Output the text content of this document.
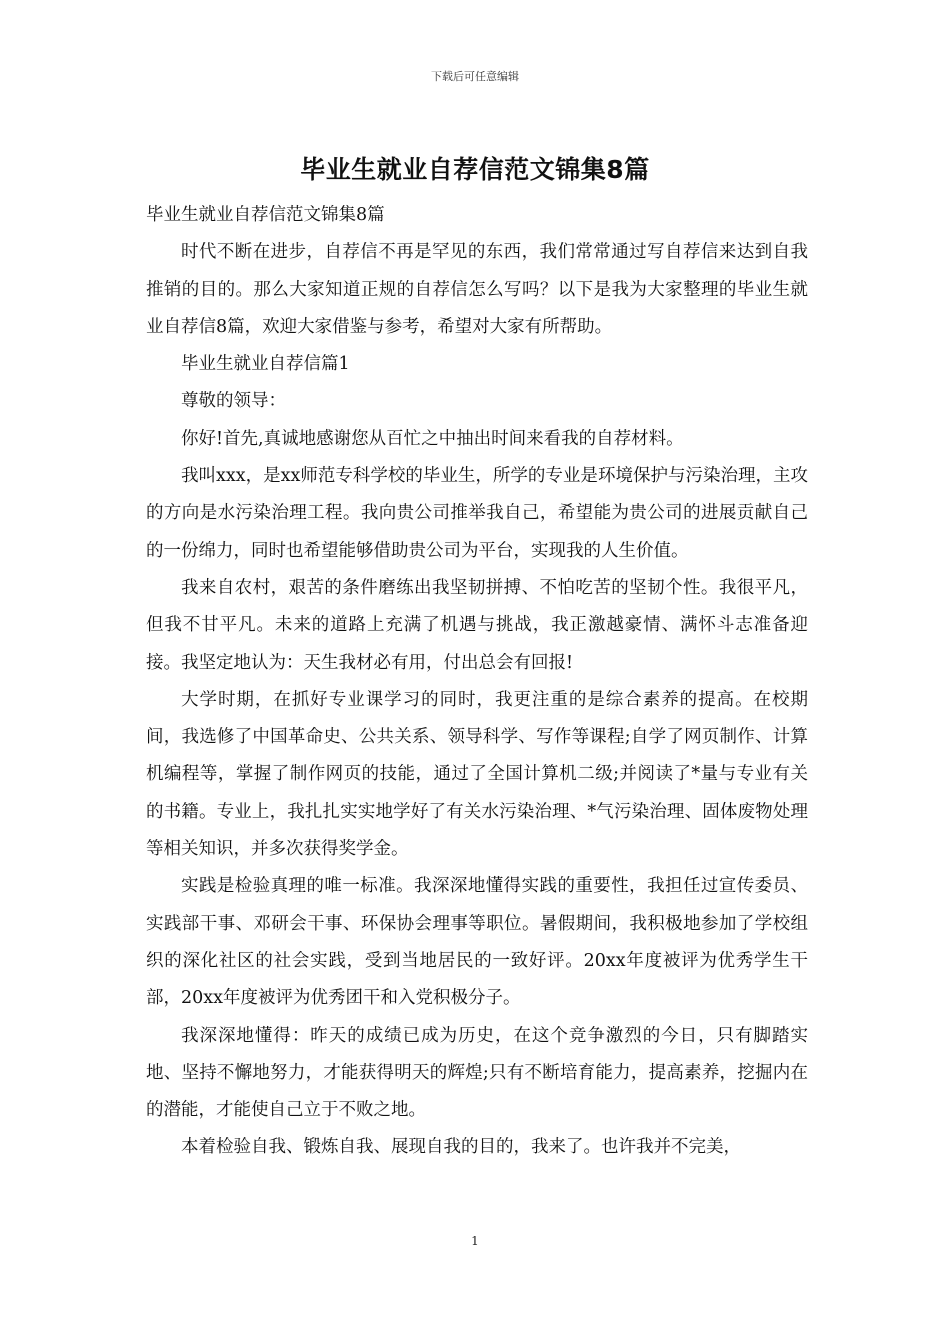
下载后可任意编辑
毕业生就业自荐信范文锦集8篇

毕业生就业自荐信范文锦集8篇

时代不断在进步，自荐信不再是罕见的东西，我们常常通过写自荐信来达到自我推销的目的。那么大家知道正规的自荐信怎么写吗？以下是我为大家整理的毕业生就业自荐信8篇，欢迎大家借鉴与参考，希望对大家有所帮助。

毕业生就业自荐信篇1

尊敬的领导：

你好!首先,真诚地感谢您从百忙之中抽出时间来看我的自荐材料。

我叫xxx，是xx师范专科学校的毕业生，所学的专业是环境保护与污染治理，主攻的方向是水污染治理工程。我向贵公司推举我自己，希望能为贵公司的进展贡献自己的一份绵力，同时也希望能够借助贵公司为平台，实现我的人生价值。

我来自农村，艰苦的条件磨练出我坚韧拼搏、不怕吃苦的坚韧个性。我很平凡，但我不甘平凡。未来的道路上充满了机遇与挑战，我正激越豪情、满怀斗志准备迎接。我坚定地认为：天生我材必有用，付出总会有回报!

大学时期，在抓好专业课学习的同时，我更注重的是综合素养的提高。在校期间，我选修了中国革命史、公共关系、领导科学、写作等课程;自学了网页制作、计算机编程等，掌握了制作网页的技能，通过了全国计算机二级;并阅读了*量与专业有关的书籍。专业上，我扎扎实实地学好了有关水污染治理、*气污染治理、固体废物处理等相关知识，并多次获得奖学金。

实践是检验真理的唯一标准。我深深地懂得实践的重要性，我担任过宣传委员、实践部干事、邓研会干事、环保协会理事等职位。暑假期间，我积极地参加了学校组织的深化社区的社会实践，受到当地居民的一致好评。20xx年度被评为优秀学生干部，20xx年度被评为优秀团干和入党积极分子。

我深深地懂得：昨天的成绩已成为历史，在这个竞争激烈的今日，只有脚踏实地、坚持不懈地努力，才能获得明天的辉煌;只有不断培育能力，提高素养，挖掘内在的潜能，才能使自己立于不败之地。

本着检验自我、锻炼自我、展现自我的目的，我来了。也许我并不完美，

1
